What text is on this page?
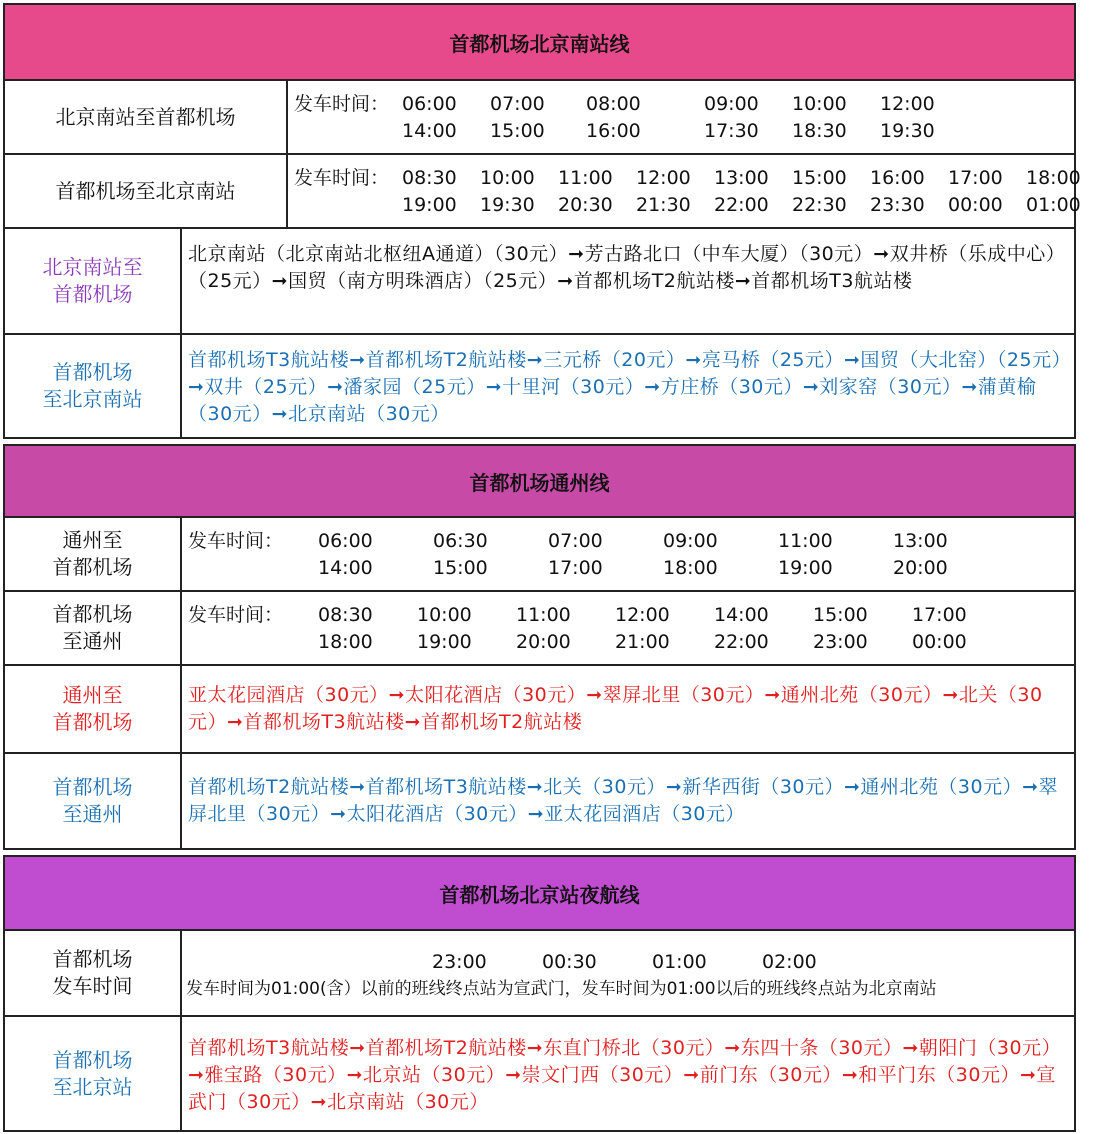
首都机场北京南站线
北京南站至首都机场
发车时间： 06:00	07:00	08:00	09:00	10:00	12:00
14:00	15:00	16:00	17:30	18:30	19:30
首都机场至北京南站
发车时间： 08:30	10:00	11:00	12:00	13:00	15:00	16:00	17:00	18:00
19:00	19:30	20:30	21:30	22:00	22:30	23:30	00:00	01:00
北京南站至
首都机场
北京南站（北京南站北枢纽A通道）（30元）➞芳古路北口（中车大厦）（30元）➞双井桥（乐成中心）（25元）➞国贸（南方明珠酒店）（25元）➞首都机场T2航站楼➞首都机场T3航站楼
首都机场
至北京南站
首都机场T3航站楼➞首都机场T2航站楼➞三元桥（20元）➞亮马桥（25元）➞国贸（大北窑）（25元）➞双井（25元）➞潘家园（25元）➞十里河（30元）➞方庄桥（30元）➞刘家窑（30元）➞蒲黄榆（30元）➞北京南站（30元）
首都机场通州线
通州至
首都机场
发车时间：	06:00	06:30	07:00	09:00	11:00	13:00
14:00	15:00	17:00	18:00	19:00	20:00
首都机场
至通州
发车时间：	08:30	10:00	11:00	12:00	14:00	15:00	17:00
18:00	19:00	20:00	21:00	22:00	23:00	00:00
通州至
首都机场
亚太花园酒店（30元）➞太阳花酒店（30元）➞翠屏北里（30元）➞通州北苑（30元）➞北关（30元）➞首都机场T3航站楼➞首都机场T2航站楼
首都机场
至通州
首都机场T2航站楼➞首都机场T3航站楼➞北关（30元）➞新华西街（30元）➞通州北苑（30元）➞翠屏北里（30元）➞太阳花酒店（30元）➞亚太花园酒店（30元）
首都机场北京站夜航线
首都机场
发车时间
23:00	00:30	01:00	02:00
发车时间为01:00(含）以前的班线终点站为宣武门，发车时间为01:00以后的班线终点站为北京南站
首都机场
至北京站
首都机场T3航站楼➞首都机场T2航站楼➞东直门桥北（30元）➞东四十条（30元）➞朝阳门（30元）➞雅宝路（30元）➞北京站（30元）➞崇文门西（30元）➞前门东（30元）➞和平门东（30元）➞宣武门（30元）➞北京南站（30元）
